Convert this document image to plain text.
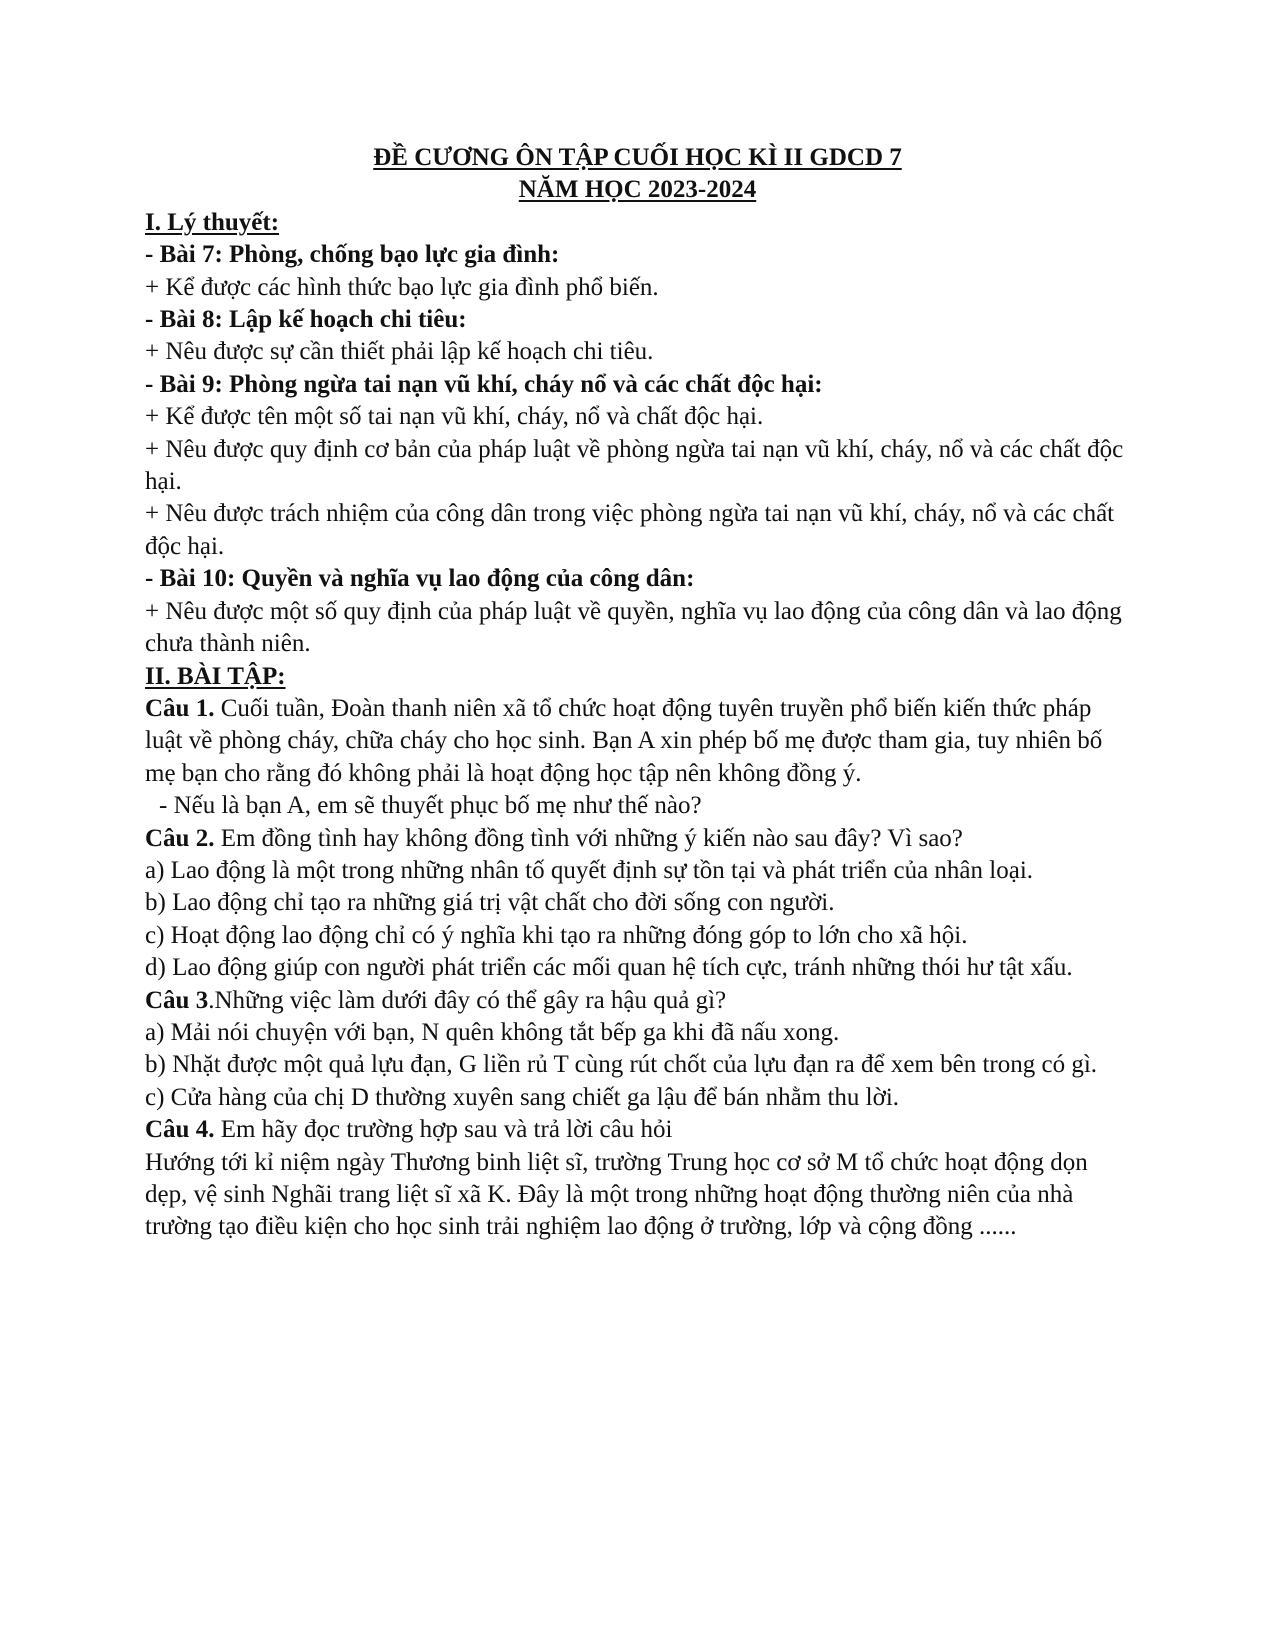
ĐỀ CƯƠNG ÔN TẬP CUỐI HỌC KÌ II GDCD 7

NĂM HỌC 2023-2024

I. Lý thuyết:

- Bài 7: Phòng, chống bạo lực gia đình:

+ Kể được các hình thức bạo lực gia đình phổ biến.

- Bài 8: Lập kế hoạch chi tiêu:

+ Nêu được sự cần thiết phải lập kế hoạch chi tiêu.

- Bài 9: Phòng ngừa tai nạn vũ khí, cháy nổ và các chất độc hại:

+ Kể được tên một số tai nạn vũ khí, cháy, nổ và chất độc hại.

+ Nêu được quy định cơ bản của pháp luật về phòng ngừa tai nạn vũ khí, cháy, nổ và các chất độc hại.

+ Nêu được trách nhiệm của công dân trong việc phòng ngừa tai nạn vũ khí, cháy, nổ và các chất độc hại.

- Bài 10: Quyền và nghĩa vụ lao động của công dân:

+ Nêu được một số quy định của pháp luật về quyền, nghĩa vụ lao động của công dân và lao động chưa thành niên.

II. BÀI TẬP:

Câu 1. Cuối tuần, Đoàn thanh niên xã tổ chức hoạt động tuyên truyền phổ biến kiến thức pháp luật về phòng cháy, chữa cháy cho học sinh. Bạn A xin phép bố mẹ được tham gia, tuy nhiên bố mẹ bạn cho rằng đó không phải là hoạt động học tập nên không đồng ý.

- Nếu là bạn A, em sẽ thuyết phục bố mẹ như thế nào?

Câu 2. Em đồng tình hay không đồng tình với những ý kiến nào sau đây? Vì sao?

a) Lao động là một trong những nhân tố quyết định sự tồn tại và phát triển của nhân loại.

b) Lao động chỉ tạo ra những giá trị vật chất cho đời sống con người.

c) Hoạt động lao động chỉ có ý nghĩa khi tạo ra những đóng góp to lớn cho xã hội.

d) Lao động giúp con người phát triển các mối quan hệ tích cực, tránh những thói hư tật xấu.

Câu 3.Những việc làm dưới đây có thể gây ra hậu quả gì?

a) Mải nói chuyện với bạn, N quên không tắt bếp ga khi đã nấu xong.

b) Nhặt được một quả lựu đạn, G liền rủ T cùng rút chốt của lựu đạn ra để xem bên trong có gì.

c) Cửa hàng của chị D thường xuyên sang chiết ga lậu để bán nhằm thu lời.

Câu 4. Em hãy đọc trường hợp sau và trả lời câu hỏi

Hướng tới kỉ niệm ngày Thương binh liệt sĩ, trường Trung học cơ sở M tổ chức hoạt động dọn dẹp, vệ sinh Nghãi trang liệt sĩ xã K. Đây là một trong những hoạt động thường niên của nhà trường tạo điều kiện cho học sinh trải nghiệm lao động ở trường, lớp và cộng đồng ......
